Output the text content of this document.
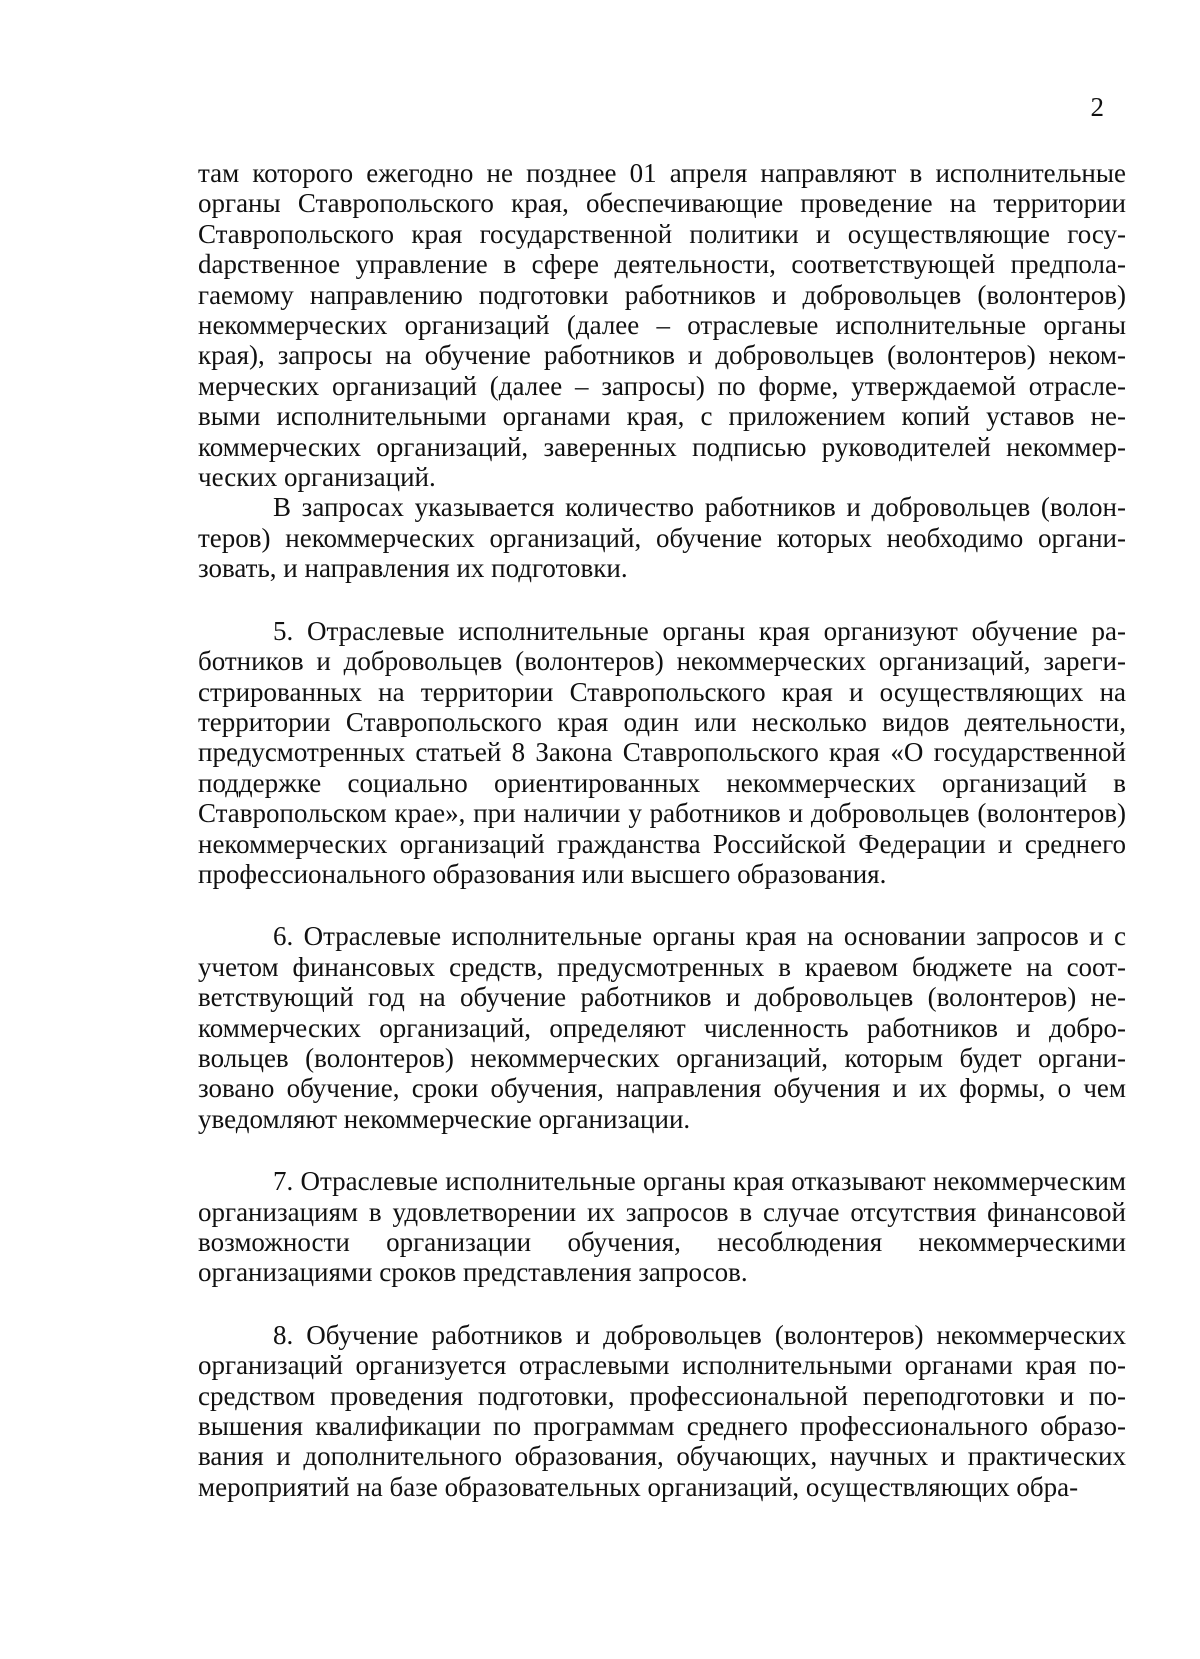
2

там которого ежегодно не позднее 01 апреля направляют в исполнительные органы Ставропольского края, обеспечивающие проведение на территории Ставропольского края государственной политики и осуществляющие госуdарственное управление в сфере деятельности, соответствующей предполагаемому направлению подготовки работников и добровольцев (волонтеров) некоммерческих организаций (далее – отраслевые исполнительные органы края), запросы на обучение работников и добровольцев (волонтеров) некоммерческих организаций (далее – запросы) по форме, утверждаемой отраслевыми исполнительными органами края, с приложением копий уставов некоммерческих организаций, заверенных подписью руководителей некоммерческих организаций.

В запросах указывается количество работников и добровольцев (волонтеров) некоммерческих организаций, обучение которых необходимо организовать, и направления их подготовки.

5. Отраслевые исполнительные органы края организуют обучение работников и добровольцев (волонтеров) некоммерческих организаций, зарегистрированных на территории Ставропольского края и осуществляющих на территории Ставропольского края один или несколько видов деятельности, предусмотренных статьей 8 Закона Ставропольского края «О государственной поддержке социально ориентированных некоммерческих организаций в Ставропольском крае», при наличии у работников и добровольцев (волонтеров) некоммерческих организаций гражданства Российской Федерации и среднего профессионального образования или высшего образования.

6. Отраслевые исполнительные органы края на основании запросов и с учетом финансовых средств, предусмотренных в краевом бюджете на соответствующий год на обучение работников и добровольцев (волонтеров) некоммерческих организаций, определяют численность работников и добровольцев (волонтеров) некоммерческих организаций, которым будет организовано обучение, сроки обучения, направления обучения и их формы, о чем уведомляют некоммерческие организации.

7. Отраслевые исполнительные органы края отказывают некоммерческим организациям в удовлетворении их запросов в случае отсутствия финансовой возможности организации обучения, несоблюдения некоммерческими организациями сроков представления запросов.

8. Обучение работников и добровольцев (волонтеров) некоммерческих организаций организуется отраслевыми исполнительными органами края посредством проведения подготовки, профессиональной переподготовки и повышения квалификации по программам среднего профессионального образования и дополнительного образования, обучающих, научных и практических мероприятий на базе образовательных организаций, осуществляющих обра-
